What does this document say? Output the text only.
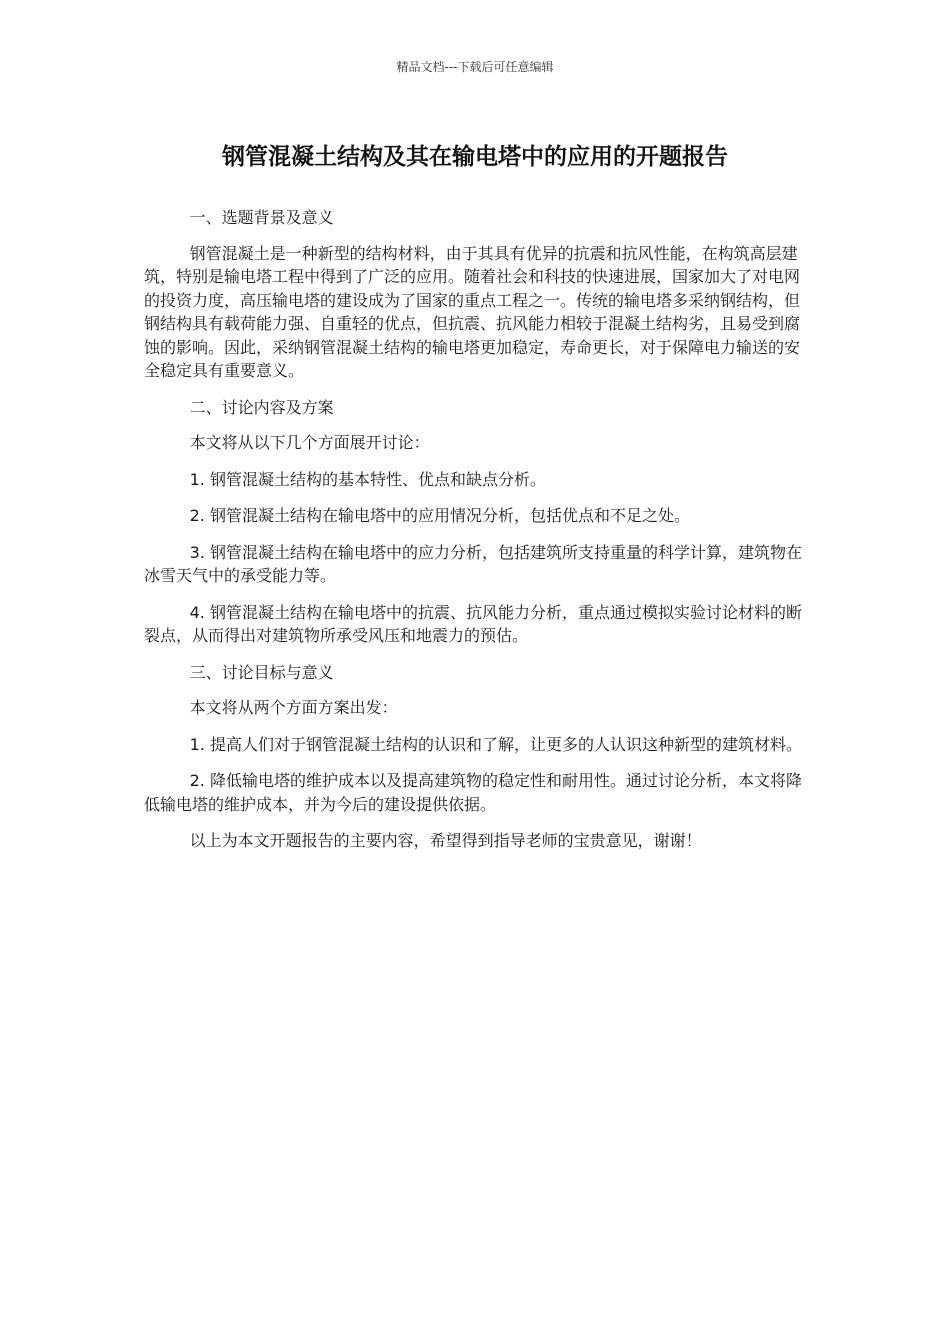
精品文档---下载后可任意编辑
钢管混凝土结构及其在输电塔中的应用的开题报告

一、选题背景及意义

钢管混凝土是一种新型的结构材料，由于其具有优异的抗震和抗风性能，在构筑高层建筑，特别是输电塔工程中得到了广泛的应用。随着社会和科技的快速进展，国家加大了对电网的投资力度，高压输电塔的建设成为了国家的重点工程之一。传统的输电塔多采纳钢结构，但钢结构具有载荷能力强、自重轻的优点，但抗震、抗风能力相较于混凝土结构劣，且易受到腐蚀的影响。因此，采纳钢管混凝土结构的输电塔更加稳定，寿命更长，对于保障电力输送的安全稳定具有重要意义。

二、讨论内容及方案

本文将从以下几个方面展开讨论：

1. 钢管混凝土结构的基本特性、优点和缺点分析。

2. 钢管混凝土结构在输电塔中的应用情况分析，包括优点和不足之处。

3. 钢管混凝土结构在输电塔中的应力分析，包括建筑所支持重量的科学计算，建筑物在冰雪天气中的承受能力等。

4. 钢管混凝土结构在输电塔中的抗震、抗风能力分析，重点通过模拟实验讨论材料的断裂点，从而得出对建筑物所承受风压和地震力的预估。

三、讨论目标与意义

本文将从两个方面方案出发：

1. 提高人们对于钢管混凝土结构的认识和了解，让更多的人认识这种新型的建筑材料。

2. 降低输电塔的维护成本以及提高建筑物的稳定性和耐用性。通过讨论分析，本文将降低输电塔的维护成本，并为今后的建设提供依据。

以上为本文开题报告的主要内容，希望得到指导老师的宝贵意见，谢谢！
